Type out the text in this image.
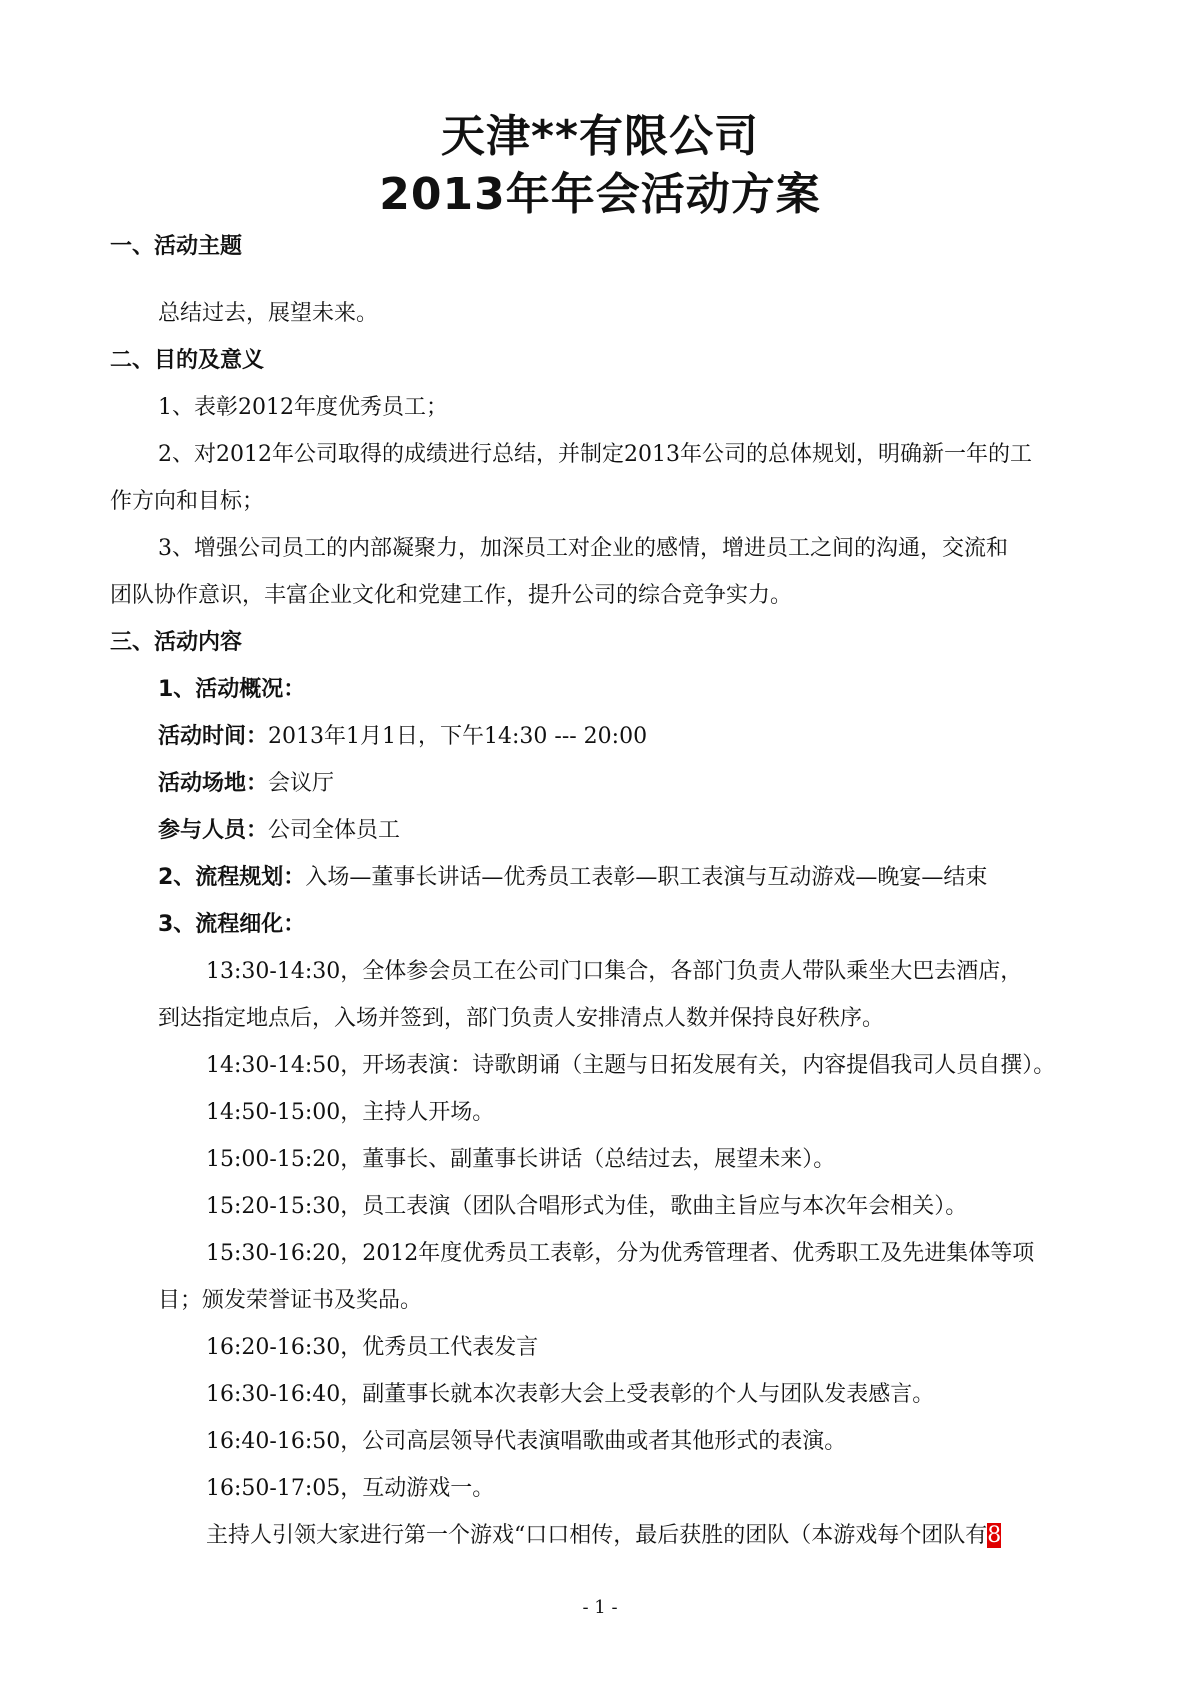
天津**有限公司
2013年年会活动方案
一、活动主题
总结过去，展望未来。
二、目的及意义
1、表彰2012年度优秀员工；
2、对2012年公司取得的成绩进行总结，并制定2013年公司的总体规划，明确新一年的工
作方向和目标；
3、增强公司员工的内部凝聚力，加深员工对企业的感情，增进员工之间的沟通，交流和
团队协作意识，丰富企业文化和党建工作，提升公司的综合竞争实力。
三、活动内容
1、活动概况：
活动时间：2013年1月1日，下午14:30 --- 20:00
活动场地：会议厅
参与人员：公司全体员工
2、流程规划：入场—董事长讲话—优秀员工表彰—职工表演与互动游戏—晚宴—结束
3、流程细化：
13:30-14:30，全体参会员工在公司门口集合，各部门负责人带队乘坐大巴去酒店，
到达指定地点后，入场并签到，部门负责人安排清点人数并保持良好秩序。
14:30-14:50，开场表演：诗歌朗诵（主题与日拓发展有关，内容提倡我司人员自撰）。
14:50-15:00，主持人开场。
15:00-15:20，董事长、副董事长讲话（总结过去，展望未来）。
15:20-15:30，员工表演（团队合唱形式为佳，歌曲主旨应与本次年会相关）。
15:30-16:20，2012年度优秀员工表彰，分为优秀管理者、优秀职工及先进集体等项
目；颁发荣誉证书及奖品。
16:20-16:30，优秀员工代表发言
16:30-16:40，副董事长就本次表彰大会上受表彰的个人与团队发表感言。
16:40-16:50，公司高层领导代表演唱歌曲或者其他形式的表演。
16:50-17:05，互动游戏一。
主持人引领大家进行第一个游戏“口口相传，最后获胜的团队（本游戏每个团队有8
- 1 -
